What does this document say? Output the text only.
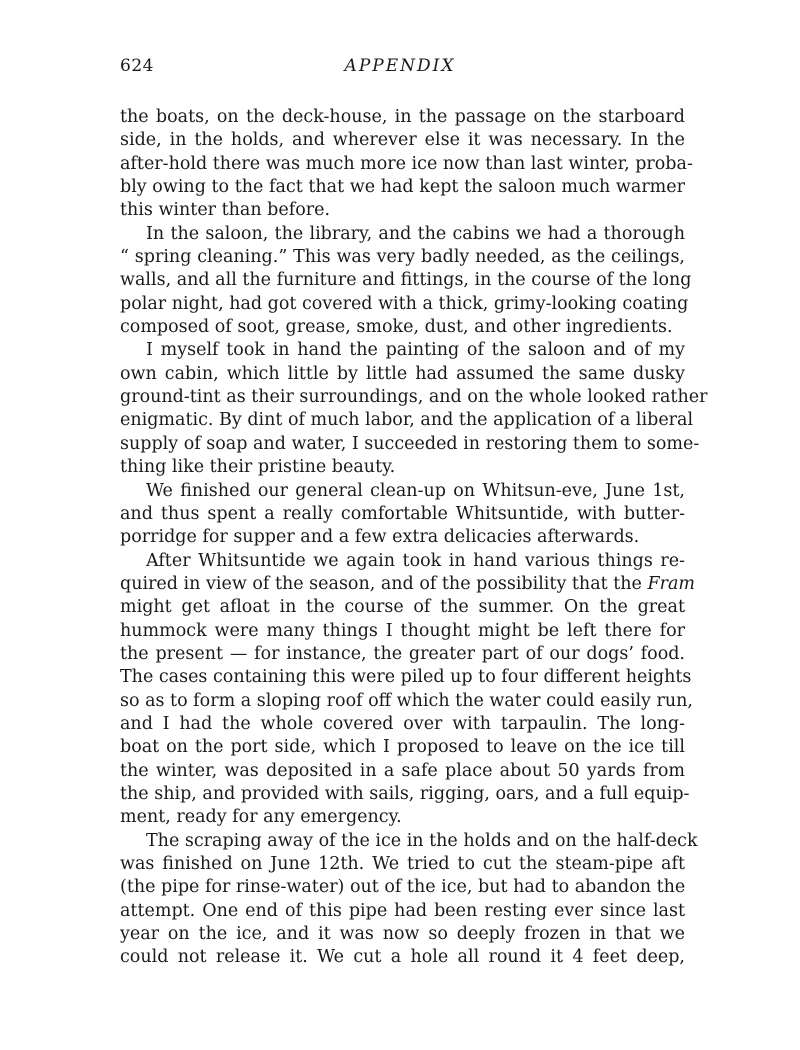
624	APPENDIX
the boats, on the deck-house, in the passage on the starboard
side, in the holds, and wherever else it was necessary. In the
after-hold there was much more ice now than last winter, proba-
bly owing to the fact that we had kept the saloon much warmer
this winter than before.
In the saloon, the library, and the cabins we had a thorough
“ spring cleaning.” This was very badly needed, as the ceilings,
walls, and all the furniture and fittings, in the course of the long
polar night, had got covered with a thick, grimy-looking coating
composed of soot, grease, smoke, dust, and other ingredients.
I myself took in hand the painting of the saloon and of my
own cabin, which little by little had assumed the same dusky
ground-tint as their surroundings, and on the whole looked rather
enigmatic. By dint of much labor, and the application of a liberal
supply of soap and water, I succeeded in restoring them to some-
thing like their pristine beauty.
We finished our general clean-up on Whitsun-eve, June 1st,
and thus spent a really comfortable Whitsuntide, with butter-
porridge for supper and a few extra delicacies afterwards.
After Whitsuntide we again took in hand various things re-
quired in view of the season, and of the possibility that the Fram
might get afloat in the course of the summer. On the great
hummock were many things I thought might be left there for
the present — for instance, the greater part of our dogs’ food.
The cases containing this were piled up to four different heights
so as to form a sloping roof off which the water could easily run,
and I had the whole covered over with tarpaulin. The long-
boat on the port side, which I proposed to leave on the ice till
the winter, was deposited in a safe place about 50 yards from
the ship, and provided with sails, rigging, oars, and a full equip-
ment, ready for any emergency.
The scraping away of the ice in the holds and on the half-deck
was finished on June 12th. We tried to cut the steam-pipe aft
(the pipe for rinse-water) out of the ice, but had to abandon the
attempt. One end of this pipe had been resting ever since last
year on the ice, and it was now so deeply frozen in that we
could not release it. We cut a hole all round it 4 feet deep,
